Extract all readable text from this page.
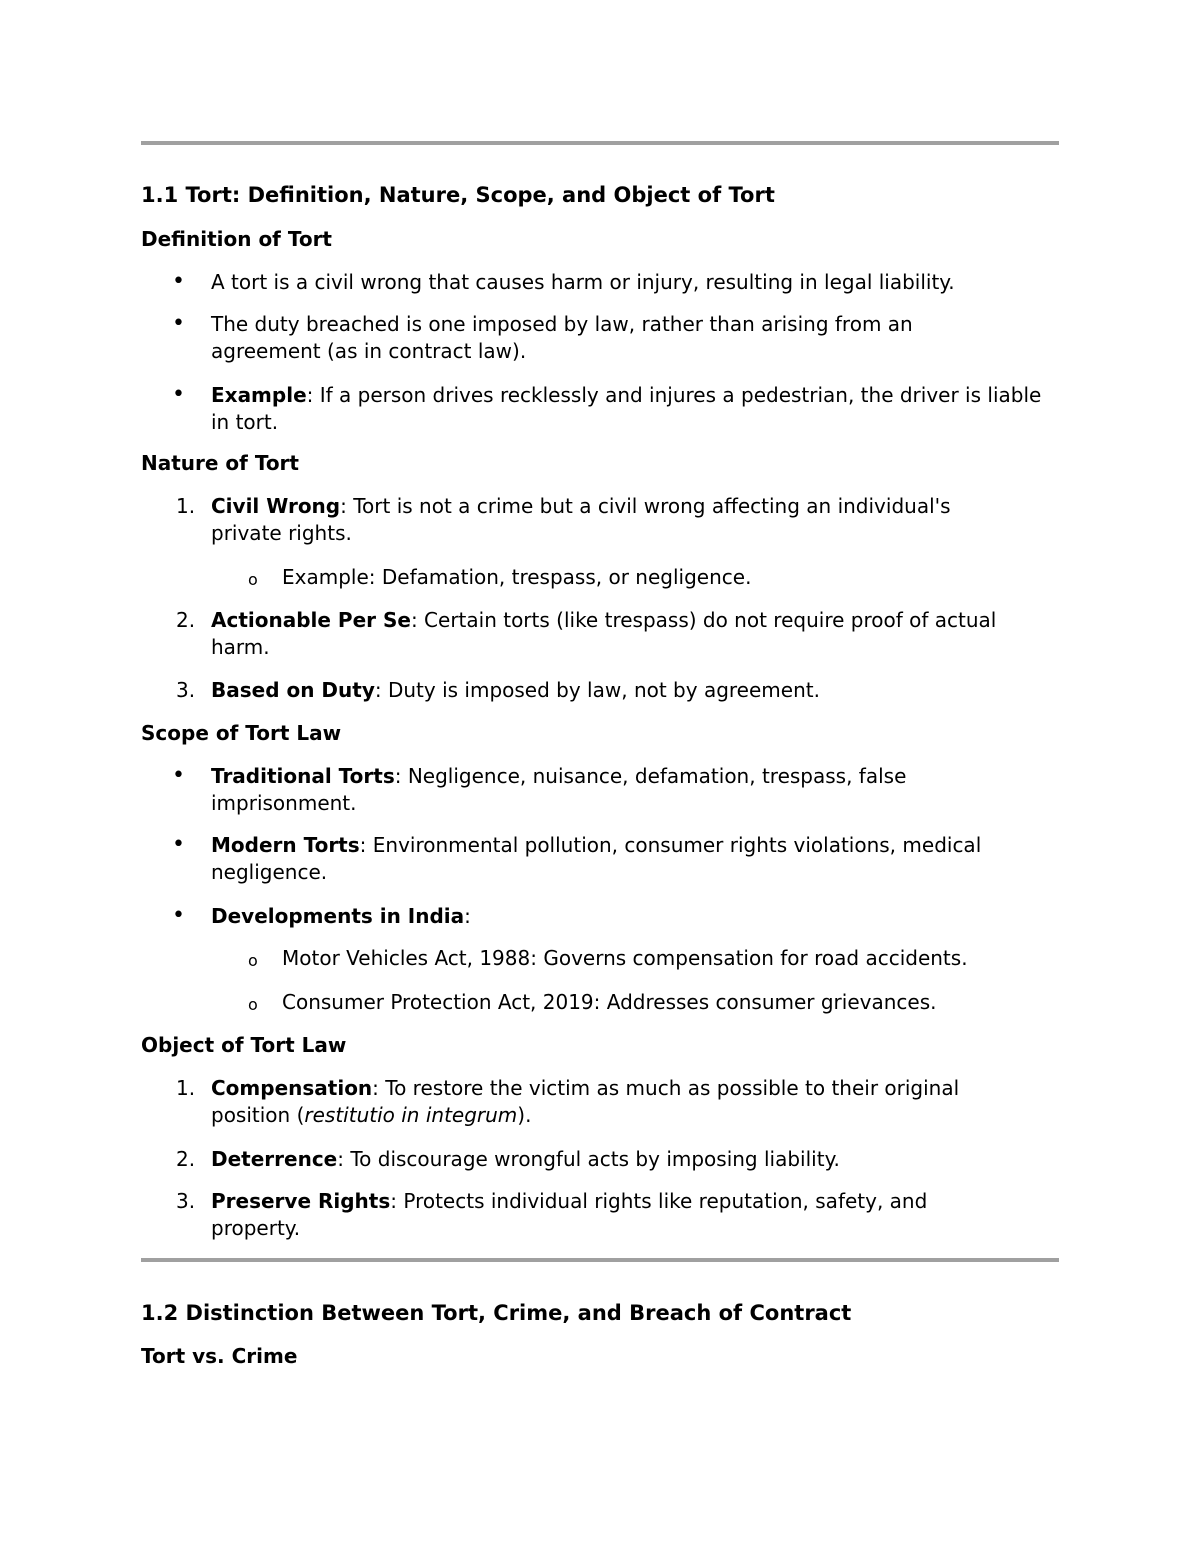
1.1 Tort: Definition, Nature, Scope, and Object of Tort
Definition of Tort
• A tort is a civil wrong that causes harm or injury, resulting in legal liability.
• The duty breached is one imposed by law, rather than arising from an agreement (as in contract law).
• Example: If a person drives recklessly and injures a pedestrian, the driver is liable in tort.
Nature of Tort
1. Civil Wrong: Tort is not a crime but a civil wrong affecting an individual's private rights.
o Example: Defamation, trespass, or negligence.
2. Actionable Per Se: Certain torts (like trespass) do not require proof of actual harm.
3. Based on Duty: Duty is imposed by law, not by agreement.
Scope of Tort Law
• Traditional Torts: Negligence, nuisance, defamation, trespass, false imprisonment.
• Modern Torts: Environmental pollution, consumer rights violations, medical negligence.
• Developments in India:
o Motor Vehicles Act, 1988: Governs compensation for road accidents.
o Consumer Protection Act, 2019: Addresses consumer grievances.
Object of Tort Law
1. Compensation: To restore the victim as much as possible to their original position (restitutio in integrum).
2. Deterrence: To discourage wrongful acts by imposing liability.
3. Preserve Rights: Protects individual rights like reputation, safety, and property.
1.2 Distinction Between Tort, Crime, and Breach of Contract
Tort vs. Crime
